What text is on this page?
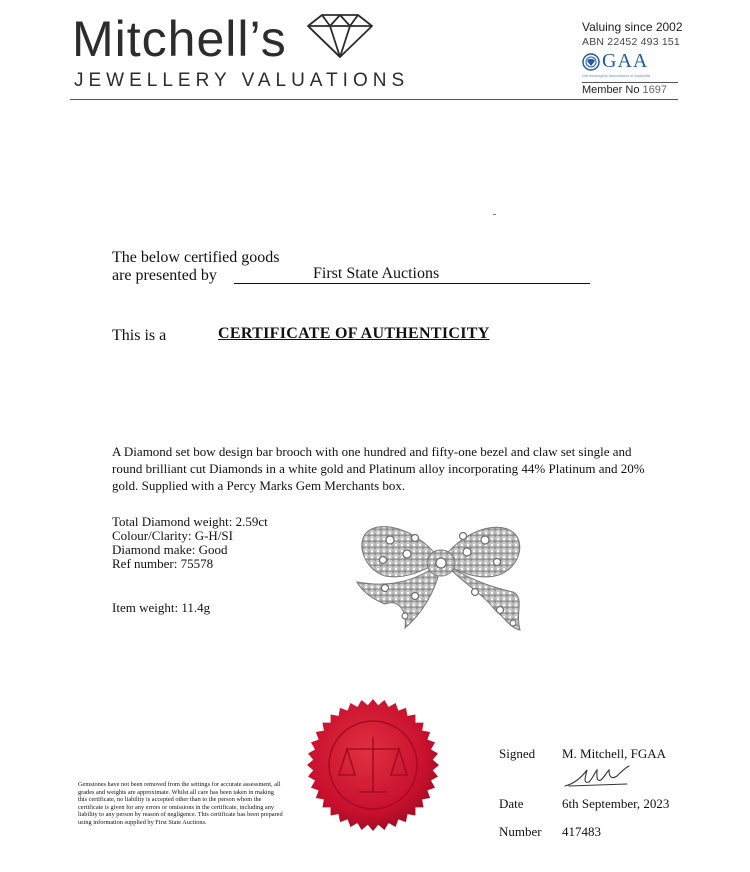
Mitchell’s
JEWELLERY VALUATIONS
Valuing since 2002
ABN 22452 493 151
GAA
Gemmological Association of Australia
Member No 1697
The below certified goods
are presented by	First State Auctions
This is a	CERTIFICATE OF AUTHENTICITY
A Diamond set bow design bar brooch with one hundred and fifty-one bezel and claw set single and round brilliant cut Diamonds in a white gold and Platinum alloy incorporating 44% Platinum and 20% gold. Supplied with a Percy Marks Gem Merchants box.
Total Diamond weight: 2.59ct
Colour/Clarity: G-H/SI
Diamond make: Good
Ref number: 75578
Item weight: 11.4g
Gemstones have not been removed from the settings for accurate assessment, all grades and weights are approximate. Whilst all care has been taken in making this certificate, no liability is accepted other than to the person whom the certificate is given for any errors or omissions in the certificate, including any liability to any person by reason of negligence. This certificate has been prepared using information supplied by First State Auctions.
Signed M. Mitchell, FGAA
Date	6th September, 2023
Number 417483
